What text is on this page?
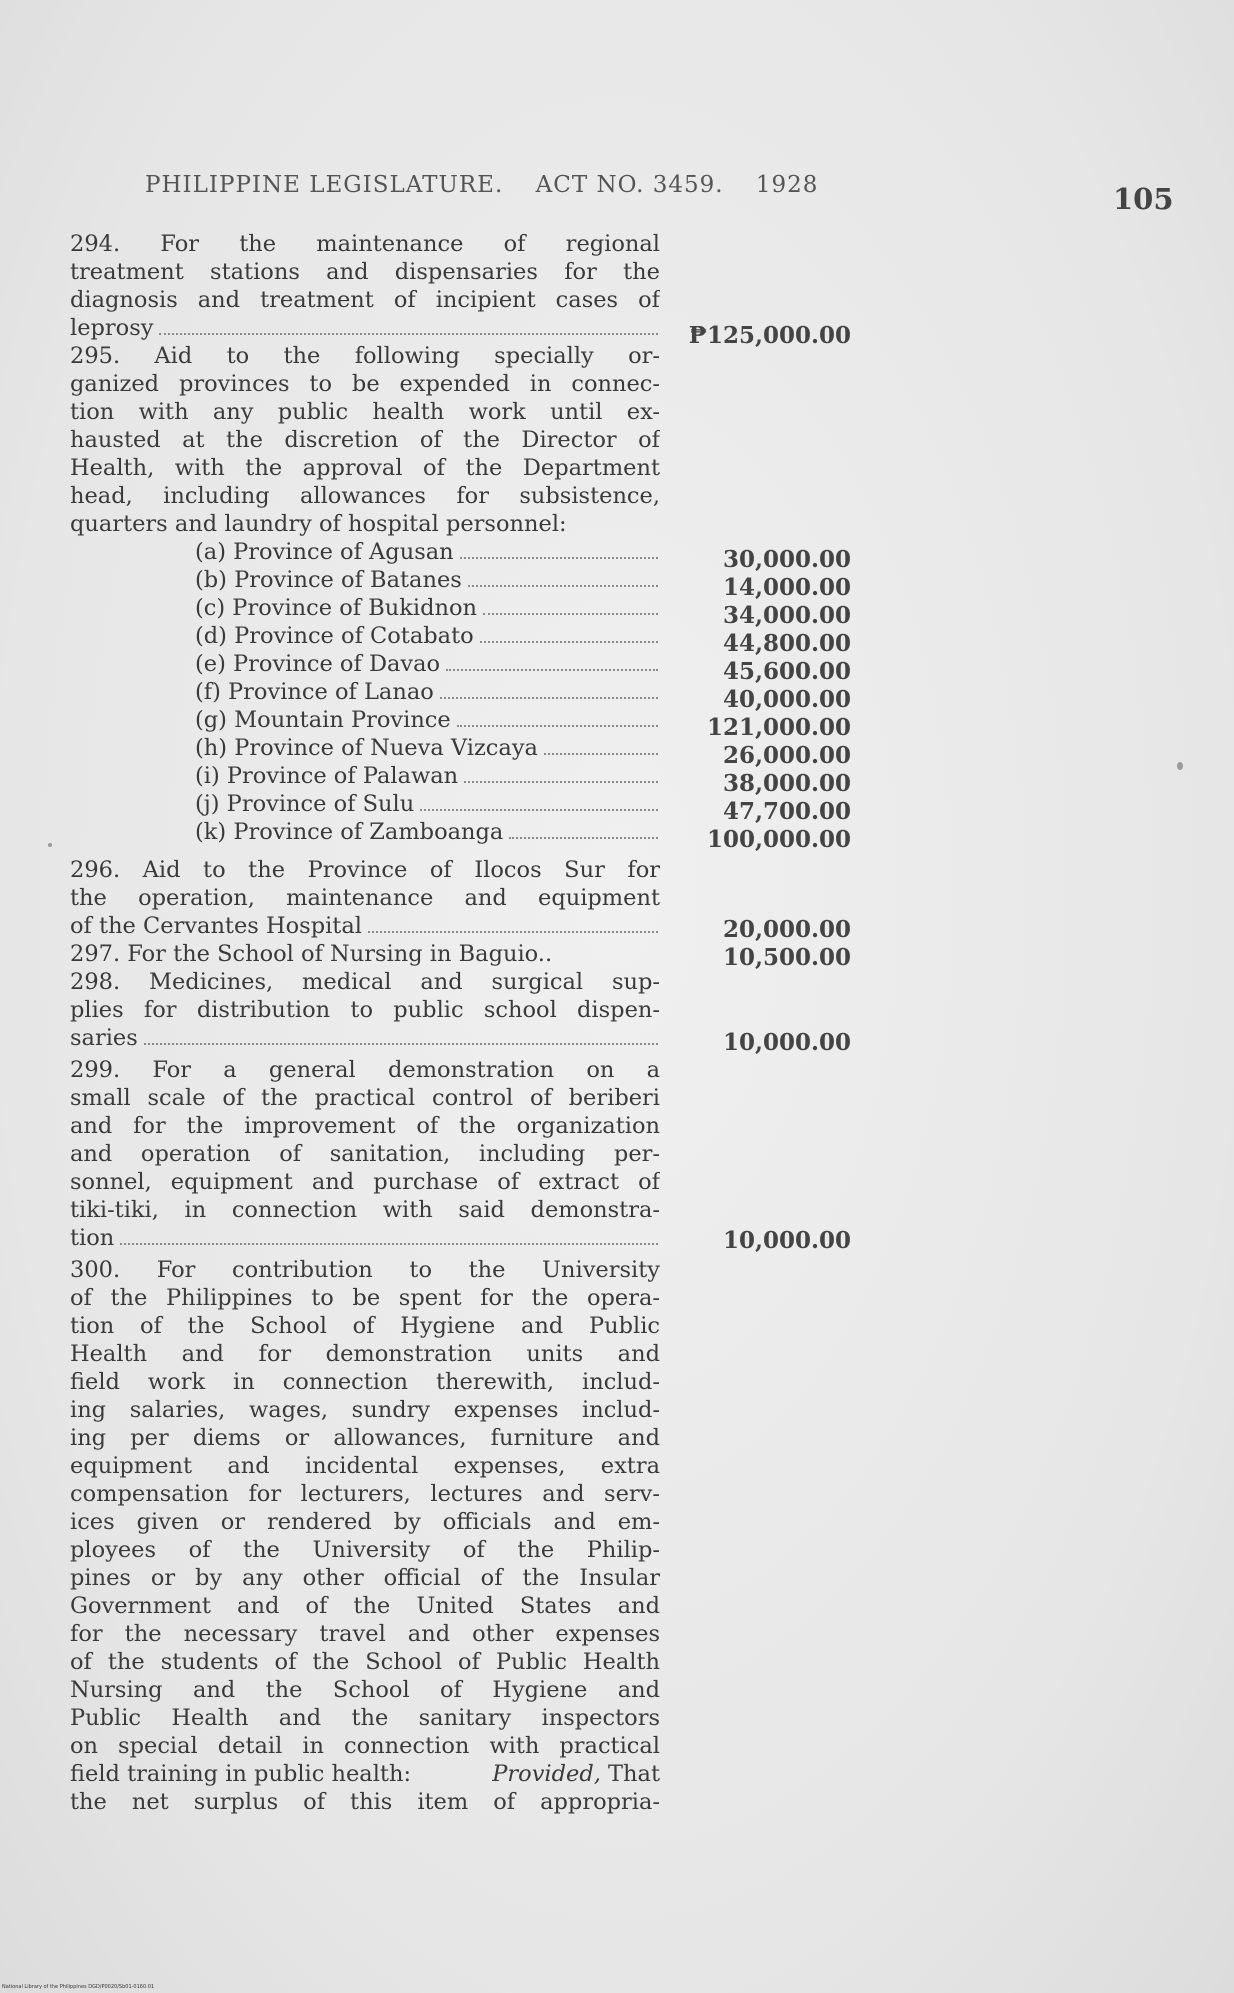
PHILIPPINE LEGISLATURE. ACT NO. 3459. 1928	105
294. For the maintenance of regional
treatment stations and dispensaries for the
diagnosis and treatment of incipient cases of
leprosy	₱125,000.00
295. Aid to the following specially or-
ganized provinces to be expended in connec-
tion with any public health work until ex-
hausted at the discretion of the Director of
Health, with the approval of the Department
head, including allowances for subsistence,
quarters and laundry of hospital personnel:
(a) Province of Agusan	30,000.00
(b) Province of Batanes	14,000.00
(c) Province of Bukidnon	34,000.00
(d) Province of Cotabato	44,800.00
(e) Province of Davao	45,600.00
(f) Province of Lanao	40,000.00
(g) Mountain Province	121,000.00
(h) Province of Nueva Vizcaya	26,000.00
(i) Province of Palawan	38,000.00
(j) Province of Sulu	47,700.00
(k) Province of Zamboanga	100,000.00
296. Aid to the Province of Ilocos Sur for
the operation, maintenance and equipment
of the Cervantes Hospital	20,000.00
297. For the School of Nursing in Baguio..	10,500.00
298. Medicines, medical and surgical sup-
plies for distribution to public school dispen-
saries	10,000.00
299. For a general demonstration on a
small scale of the practical control of beriberi
and for the improvement of the organization
and operation of sanitation, including per-
sonnel, equipment and purchase of extract of
tiki-tiki, in connection with said demonstra-
tion	10,000.00
300. For contribution to the University
of the Philippines to be spent for the opera-
tion of the School of Hygiene and Public
Health and for demonstration units and
field work in connection therewith, includ-
ing salaries, wages, sundry expenses includ-
ing per diems or allowances, furniture and
equipment and incidental expenses, extra
compensation for lecturers, lectures and serv-
ices given or rendered by officials and em-
ployees of the University of the Philip-
pines or by any other official of the Insular
Government and of the United States and
for the necessary travel and other expenses
of the students of the School of Public Health
Nursing and the School of Hygiene and
Public Health and the sanitary inspectors
on special detail in connection with practical
field training in public health:	Provided, That
the net surplus of this item of appropria-
National Library of the Philippines DGD/P0020/Sb01-0160.01
